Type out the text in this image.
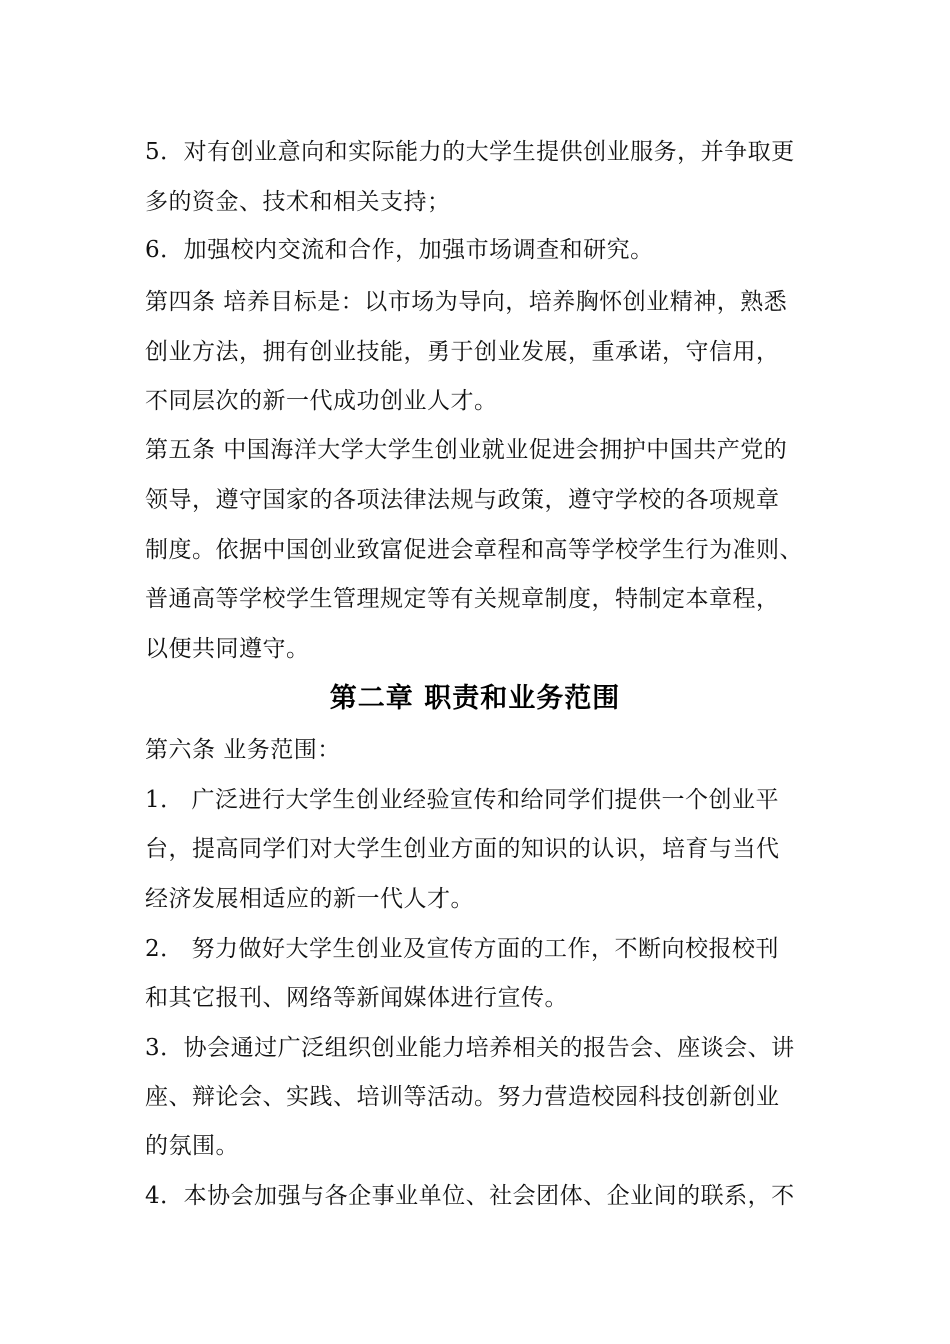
5．对有创业意向和实际能力的大学生提供创业服务，并争取更
多的资金、技术和相关支持；
6．加强校内交流和合作，加强市场调查和研究。
第四条 培养目标是：以市场为导向，培养胸怀创业精神，熟悉
创业方法，拥有创业技能，勇于创业发展，重承诺，守信用，
不同层次的新一代成功创业人才。
第五条 中国海洋大学大学生创业就业促进会拥护中国共产党的
领导，遵守国家的各项法律法规与政策，遵守学校的各项规章
制度。依据中国创业致富促进会章程和高等学校学生行为准则、
普通高等学校学生管理规定等有关规章制度，特制定本章程，
以便共同遵守。
第二章 职责和业务范围
第六条 业务范围：
1． 广泛进行大学生创业经验宣传和给同学们提供一个创业平
台，提高同学们对大学生创业方面的知识的认识，培育与当代
经济发展相适应的新一代人才。
2． 努力做好大学生创业及宣传方面的工作，不断向校报校刊
和其它报刊、网络等新闻媒体进行宣传。
3．协会通过广泛组织创业能力培养相关的报告会、座谈会、讲
座、辩论会、实践、培训等活动。努力营造校园科技创新创业
的氛围。
4．本协会加强与各企事业单位、社会团体、企业间的联系，不
